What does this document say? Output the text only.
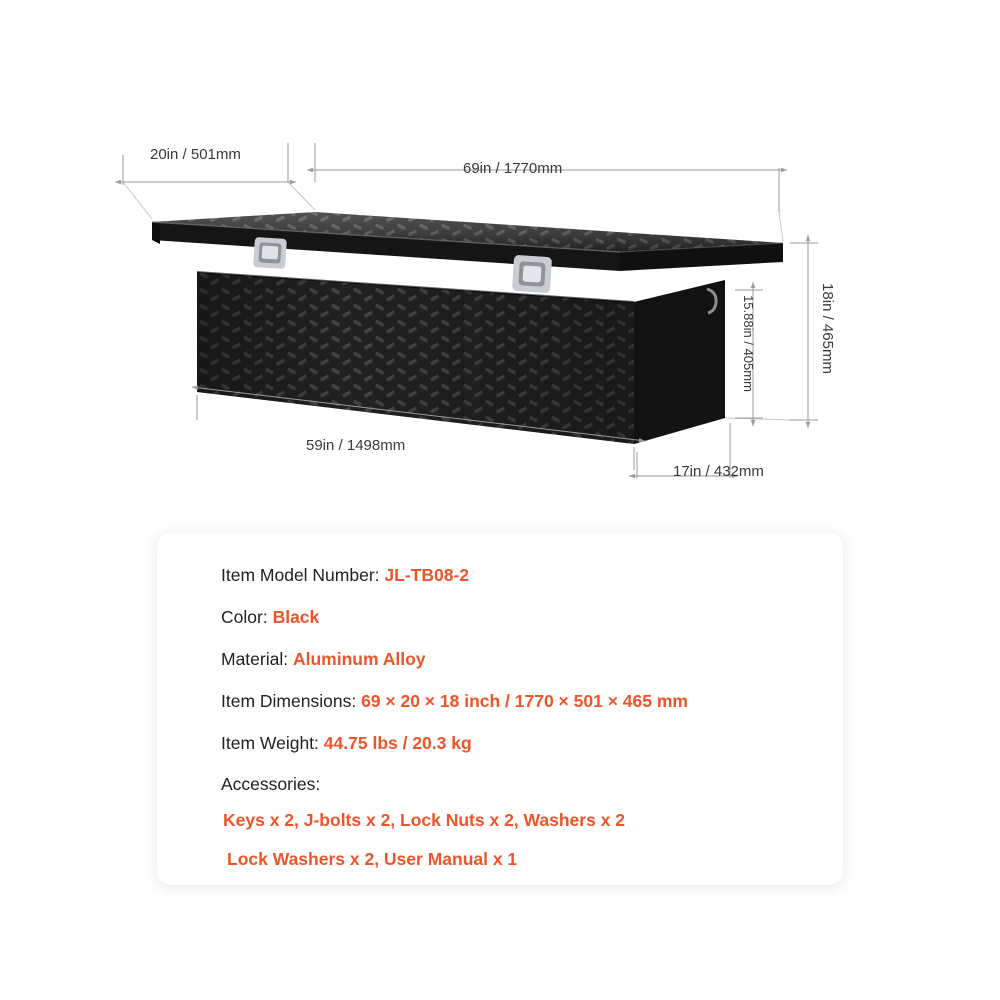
20in / 501mm
69in / 1770mm
18in / 465mm
15.88in / 405mm
59in / 1498mm
17in / 432mm
Item Model Number: JL-TB08-2
Color: Black
Material: Aluminum Alloy
Item Dimensions: 69 × 20 × 18 inch / 1770 × 501 × 465 mm
Item Weight: 44.75 lbs / 20.3 kg
Accessories:
Keys x 2, J-bolts x 2, Lock Nuts x 2, Washers x 2
Lock Washers x 2, User Manual x 1
